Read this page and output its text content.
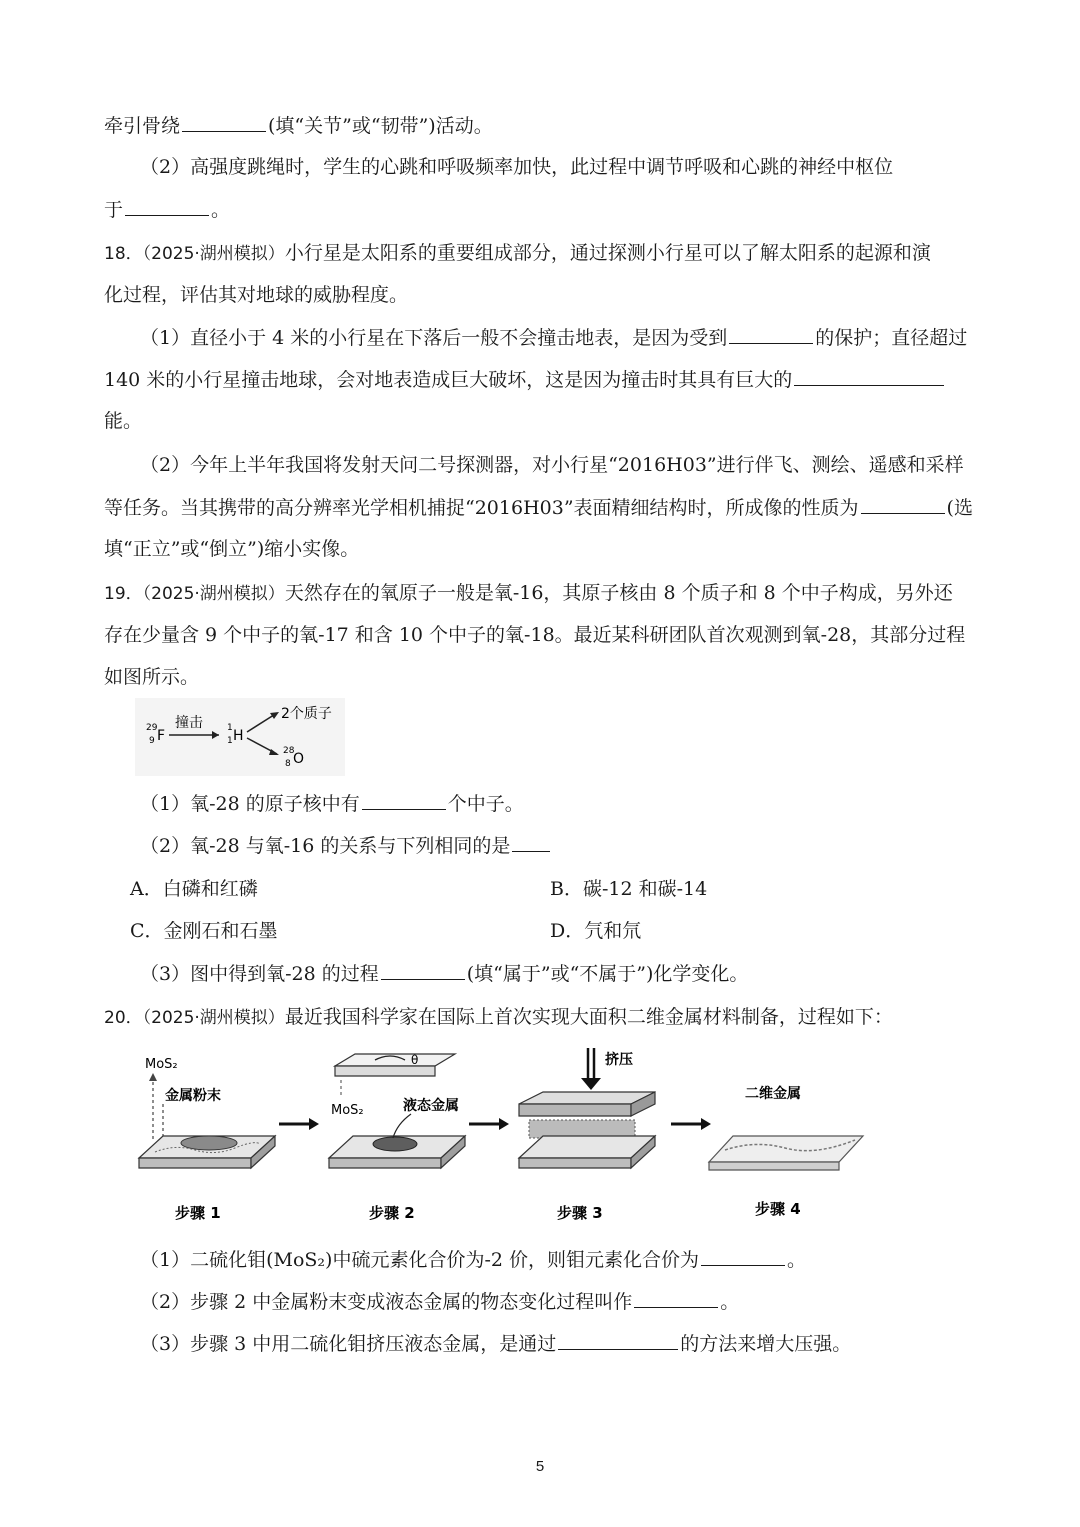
牵引骨绕	(填“关节”或“韧带”)活动。
（2）高强度跳绳时，学生的心跳和呼吸频率加快，此过程中调节呼吸和心跳的神经中枢位
于	。
18．（2025·湖州模拟）小行星是太阳系的重要组成部分，通过探测小行星可以了解太阳系的起源和演
化过程，评估其对地球的威胁程度。
（1）直径小于 4 米的小行星在下落后一般不会撞击地表，是因为受到	的保护；直径超过
140 米的小行星撞击地球，会对地表造成巨大破坏，这是因为撞击时其具有巨大的
能。
（2）今年上半年我国将发射天问二号探测器，对小行星“2016H03”进行伴飞、测绘、遥感和采样
等任务。当其携带的高分辨率光学相机捕捉“2016H03”表面精细结构时，所成像的性质为	(选
填“正立”或“倒立”)缩小实像。
19．（2025·湖州模拟）天然存在的氧原子一般是氧-16，其原子核由 8 个质子和 8 个中子构成，另外还
存在少量含 9 个中子的氧-17 和含 10 个中子的氧-18。最近某科研团队首次观测到氧-28，其部分过程
如图所示。
29
9 F
撞击	1
1 H
2个质子
28
8 O
（1）氧-28 的原子核中有	个中子。
（2）氧-28 与氧-16 的关系与下列相同的是
A．白磷和红磷	B．碳-12 和碳-14
C．金刚石和石墨	D．氕和氘
（3）图中得到氧-28 的过程	(填“属于”或“不属于”)化学变化。
20．（2025·湖州模拟）最近我国科学家在国际上首次实现大面积二维金属材料制备，过程如下：
MoS₂
金属粉末
θ
MoS₂	液态金属
挤压
二维金属
步骤 1	步骤 2	步骤 3	步骤 4
（1）二硫化钼(MoS₂)中硫元素化合价为-2 价，则钼元素化合价为	。
（2）步骤 2 中金属粉末变成液态金属的物态变化过程叫作	。
（3）步骤 3 中用二硫化钼挤压液态金属，是通过	的方法来增大压强。
5
